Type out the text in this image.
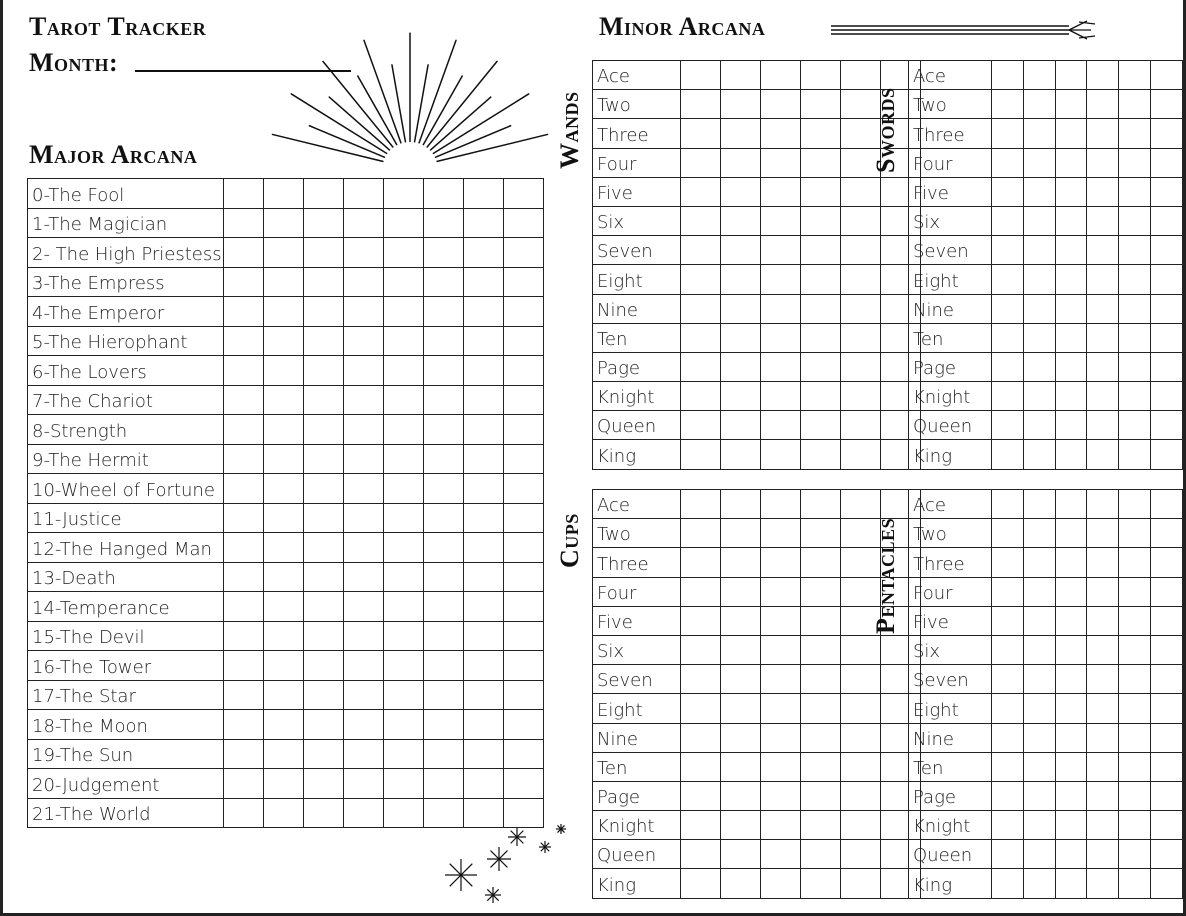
Tarot Tracker
Month:
Major Arcana
0-The Fool								
1-The Magician								
2- The High Priestess								
3-The Empress								
4-The Emperor								
5-The Hierophant								
6-The Lovers								
7-The Chariot								
8-Strength								
9-The Hermit								
10-Wheel of Fortune								
11-Justice								
12-The Hanged Man								
13-Death								
14-Temperance								
15-The Devil								
16-The Tower								
17-The Star								
18-The Moon								
19-The Sun								
20-Judgement								
21-The World								
Minor Arcana
Wands
Ace						
Two						
Three						
Four						
Five						
Six						
Seven						
Eight						
Nine						
Ten						
Page						
Knight						
Queen						
King						
Swords
Ace						
Two						
Three						
Four						
Five						
Six						
Seven						
Eight						
Nine						
Ten						
Page						
Knight						
Queen						
King						
Cups
Ace						
Two						
Three						
Four						
Five						
Six						
Seven						
Eight						
Nine						
Ten						
Page						
Knight						
Queen						
King						
Pentacles
Ace						
Two						
Three						
Four						
Five						
Six						
Seven						
Eight						
Nine						
Ten						
Page						
Knight						
Queen						
King						
